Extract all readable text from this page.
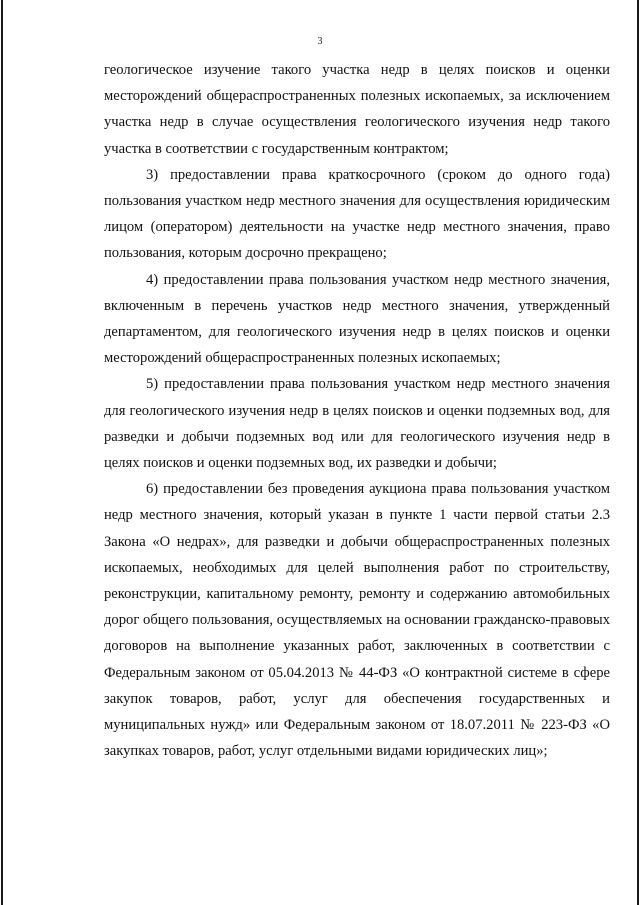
3

геологическое изучение такого участка недр в целях поисков и оценки месторождений общераспространенных полезных ископаемых, за исключением участка недр в случае осуществления геологического изучения недр такого участка в соответствии с государственным контрактом;

3) предоставлении права краткосрочного (сроком до одного года) пользования участком недр местного значения для осуществления юридическим лицом (оператором) деятельности на участке недр местного значения, право пользования, которым досрочно прекращено;

4) предоставлении права пользования участком недр местного значения, включенным в перечень участков недр местного значения, утвержденный департаментом, для геологического изучения недр в целях поисков и оценки месторождений общераспространенных полезных ископаемых;

5) предоставлении права пользования участком недр местного значения для геологического изучения недр в целях поисков и оценки подземных вод, для разведки и добычи подземных вод или для геологического изучения недр в целях поисков и оценки подземных вод, их разведки и добычи;

6) предоставлении без проведения аукциона права пользования участком недр местного значения, который указан в пункте 1 части первой статьи 2.3 Закона «О недрах», для разведки и добычи общераспространенных полезных ископаемых, необходимых для целей выполнения работ по строительству, реконструкции, капитальному ремонту, ремонту и содержанию автомобильных дорог общего пользования, осуществляемых на основании гражданско-правовых договоров на выполнение указанных работ, заключенных в соответствии с Федеральным законом от 05.04.2013 № 44-ФЗ «О контрактной системе в сфере закупок товаров, работ, услуг для обеспечения государственных и муниципальных нужд» или Федеральным законом от 18.07.2011 № 223-ФЗ «О закупках товаров, работ, услуг отдельными видами юридических лиц»;
